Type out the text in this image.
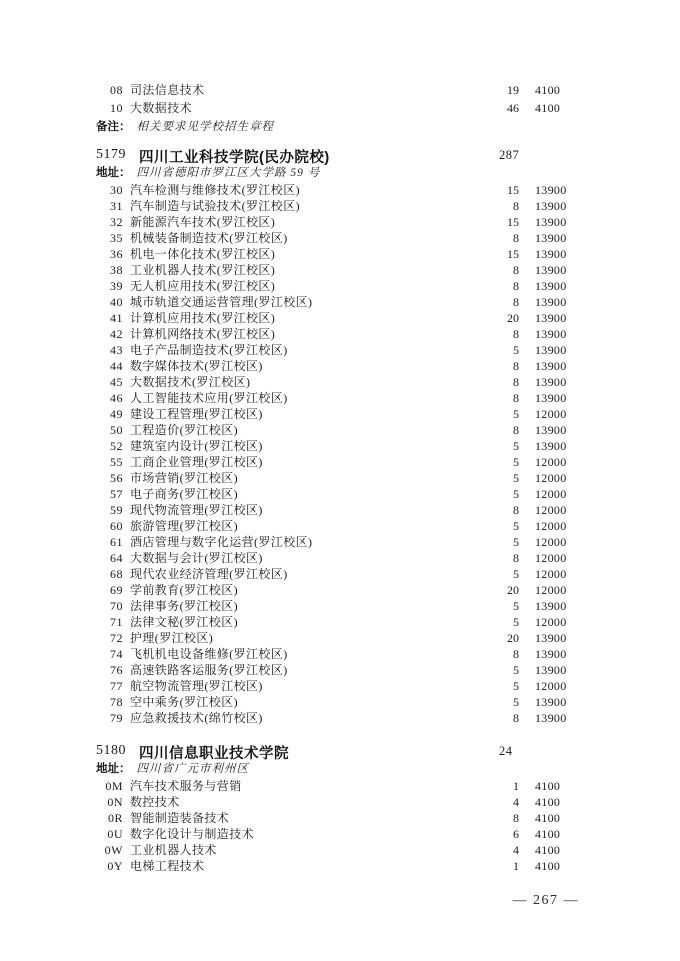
08 司法信息技术	19 4100
10 大数据技术	46 4100
备注： 相关要求见学校招生章程
5179 四川工业科技学院(民办院校)	287
地址： 四川省德阳市罗江区大学路 59 号
30 汽车检测与维修技术(罗江校区)	15 13900
31 汽车制造与试验技术(罗江校区)	8 13900
32 新能源汽车技术(罗江校区)	15 13900
35 机械装备制造技术(罗江校区)	8 13900
36 机电一体化技术(罗江校区)	15 13900
38 工业机器人技术(罗江校区)	8 13900
39 无人机应用技术(罗江校区)	8 13900
40 城市轨道交通运营管理(罗江校区)	8 13900
41 计算机应用技术(罗江校区)	20 13900
42 计算机网络技术(罗江校区)	8 13900
43 电子产品制造技术(罗江校区)	5 13900
44 数字媒体技术(罗江校区)	8 13900
45 大数据技术(罗江校区)	8 13900
46 人工智能技术应用(罗江校区)	8 13900
49 建设工程管理(罗江校区)	5 12000
50 工程造价(罗江校区)	8 13900
52 建筑室内设计(罗江校区)	5 13900
55 工商企业管理(罗江校区)	5 12000
56 市场营销(罗江校区)	5 12000
57 电子商务(罗江校区)	5 12000
59 现代物流管理(罗江校区)	8 12000
60 旅游管理(罗江校区)	5 12000
61 酒店管理与数字化运营(罗江校区)	5 12000
64 大数据与会计(罗江校区)	8 12000
68 现代农业经济管理(罗江校区)	5 12000
69 学前教育(罗江校区)	20 12000
70 法律事务(罗江校区)	5 13900
71 法律文秘(罗江校区)	5 12000
72 护理(罗江校区)	20 13900
74 飞机机电设备维修(罗江校区)	8 13900
76 高速铁路客运服务(罗江校区)	5 13900
77 航空物流管理(罗江校区)	5 12000
78 空中乘务(罗江校区)	5 13900
79 应急救援技术(绵竹校区)	8 13900
5180 四川信息职业技术学院	24
地址： 四川省广元市利州区
0M 汽车技术服务与营销	1 4100
0N 数控技术	4 4100
0R 智能制造装备技术	8 4100
0U 数字化设计与制造技术	6 4100
0W 工业机器人技术	4 4100
0Y 电梯工程技术	1 4100
— 267 —
